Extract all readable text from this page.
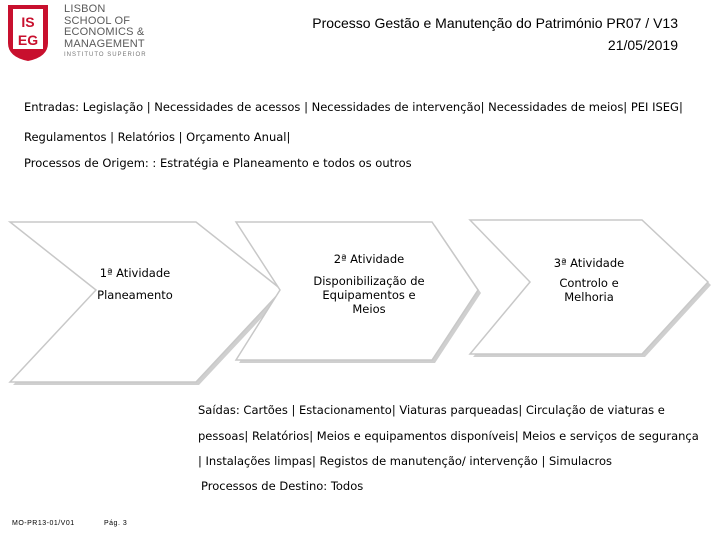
IS
EG
LISBON
SCHOOL OF
ECONOMICS &
MANAGEMENT
INSTITUTO SUPERIOR
Processo Gestão e Manutenção do Património PR07 / V13
21/05/2019
Entradas: Legislação | Necessidades de acessos | Necessidades de intervenção| Necessidades de meios| PEI ISEG|
Regulamentos | Relatórios | Orçamento Anual|
Processos de Origem: : Estratégia e Planeamento e todos os outros
1ª Atividade
Planeamento
2ª Atividade
Disponibilização de Equipamentos e Meios
3ª Atividade
Controlo e Melhoria
Saídas: Cartões | Estacionamento| Viaturas parqueadas| Circulação de viaturas e
pessoas| Relatórios| Meios e equipamentos disponíveis| Meios e serviços de segurança
| Instalações limpas| Registos de manutenção/ intervenção | Simulacros
Processos de Destino: Todos
MO-PR13-01/V01	Pág. 3
